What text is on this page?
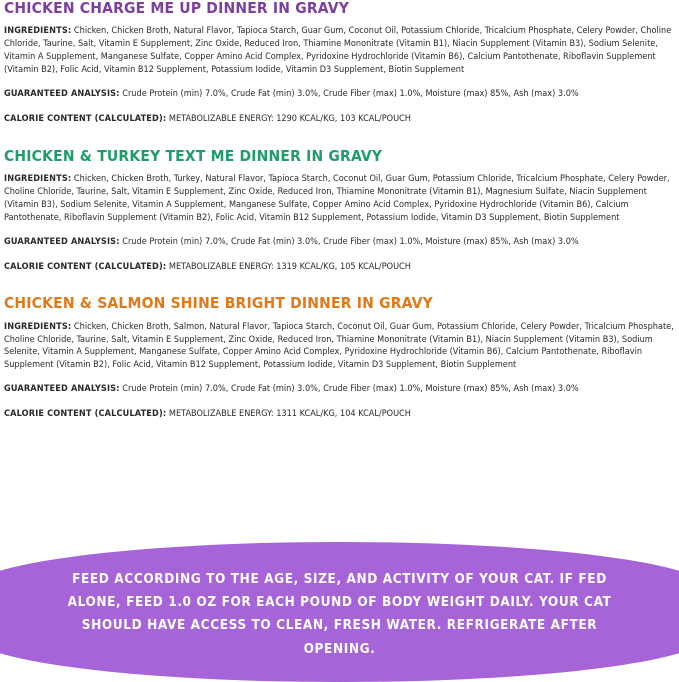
CHICKEN CHARGE ME UP DINNER IN GRAVY
INGREDIENTS: Chicken, Chicken Broth, Natural Flavor, Tapioca Starch, Guar Gum, Coconut Oil, Potassium Chloride, Tricalcium Phosphate, Celery Powder, Choline Chloride, Taurine, Salt, Vitamin E Supplement, Zinc Oxide, Reduced Iron, Thiamine Mononitrate (Vitamin B1), Niacin Supplement (Vitamin B3), Sodium Selenite, Vitamin A Supplement, Manganese Sulfate, Copper Amino Acid Complex, Pyridoxine Hydrochloride (Vitamin B6), Calcium Pantothenate, Riboflavin Supplement (Vitamin B2), Folic Acid, Vitamin B12 Supplement, Potassium Iodide, Vitamin D3 Supplement, Biotin Supplement
GUARANTEED ANALYSIS: Crude Protein (min) 7.0%, Crude Fat (min) 3.0%, Crude Fiber (max) 1.0%, Moisture (max) 85%, Ash (max) 3.0%
CALORIE CONTENT (CALCULATED): METABOLIZABLE ENERGY: 1290 KCAL/KG, 103 KCAL/POUCH
CHICKEN & TURKEY TEXT ME DINNER IN GRAVY
INGREDIENTS: Chicken, Chicken Broth, Turkey, Natural Flavor, Tapioca Starch, Coconut Oil, Guar Gum, Potassium Chloride, Tricalcium Phosphate, Celery Powder, Choline Chloride, Taurine, Salt, Vitamin E Supplement, Zinc Oxide, Reduced Iron, Thiamine Mononitrate (Vitamin B1), Magnesium Sulfate, Niacin Supplement (Vitamin B3), Sodium Selenite, Vitamin A Supplement, Manganese Sulfate, Copper Amino Acid Complex, Pyridoxine Hydrochloride (Vitamin B6), Calcium Pantothenate, Riboflavin Supplement (Vitamin B2), Folic Acid, Vitamin B12 Supplement, Potassium Iodide, Vitamin D3 Supplement, Biotin Supplement
GUARANTEED ANALYSIS: Crude Protein (min) 7.0%, Crude Fat (min) 3.0%, Crude Fiber (max) 1.0%, Moisture (max) 85%, Ash (max) 3.0%
CALORIE CONTENT (CALCULATED): METABOLIZABLE ENERGY: 1319 KCAL/KG, 105 KCAL/POUCH
CHICKEN & SALMON SHINE BRIGHT DINNER IN GRAVY
INGREDIENTS: Chicken, Chicken Broth, Salmon, Natural Flavor, Tapioca Starch, Coconut Oil, Guar Gum, Potassium Chloride, Celery Powder, Tricalcium Phosphate, Choline Chloride, Taurine, Salt, Vitamin E Supplement, Zinc Oxide, Reduced Iron, Thiamine Mononitrate (Vitamin B1), Niacin Supplement (Vitamin B3), Sodium Selenite, Vitamin A Supplement, Manganese Sulfate, Copper Amino Acid Complex, Pyridoxine Hydrochloride (Vitamin B6), Calcium Pantothenate, Riboflavin Supplement (Vitamin B2), Folic Acid, Vitamin B12 Supplement, Potassium Iodide, Vitamin D3 Supplement, Biotin Supplement
GUARANTEED ANALYSIS: Crude Protein (min) 7.0%, Crude Fat (min) 3.0%, Crude Fiber (max) 1.0%, Moisture (max) 85%, Ash (max) 3.0%
CALORIE CONTENT (CALCULATED): METABOLIZABLE ENERGY: 1311 KCAL/KG, 104 KCAL/POUCH
FEED ACCORDING TO THE AGE, SIZE, AND ACTIVITY OF YOUR CAT. IF FED ALONE, FEED 1.0 OZ FOR EACH POUND OF BODY WEIGHT DAILY. YOUR CAT SHOULD HAVE ACCESS TO CLEAN, FRESH WATER. REFRIGERATE AFTER OPENING.
